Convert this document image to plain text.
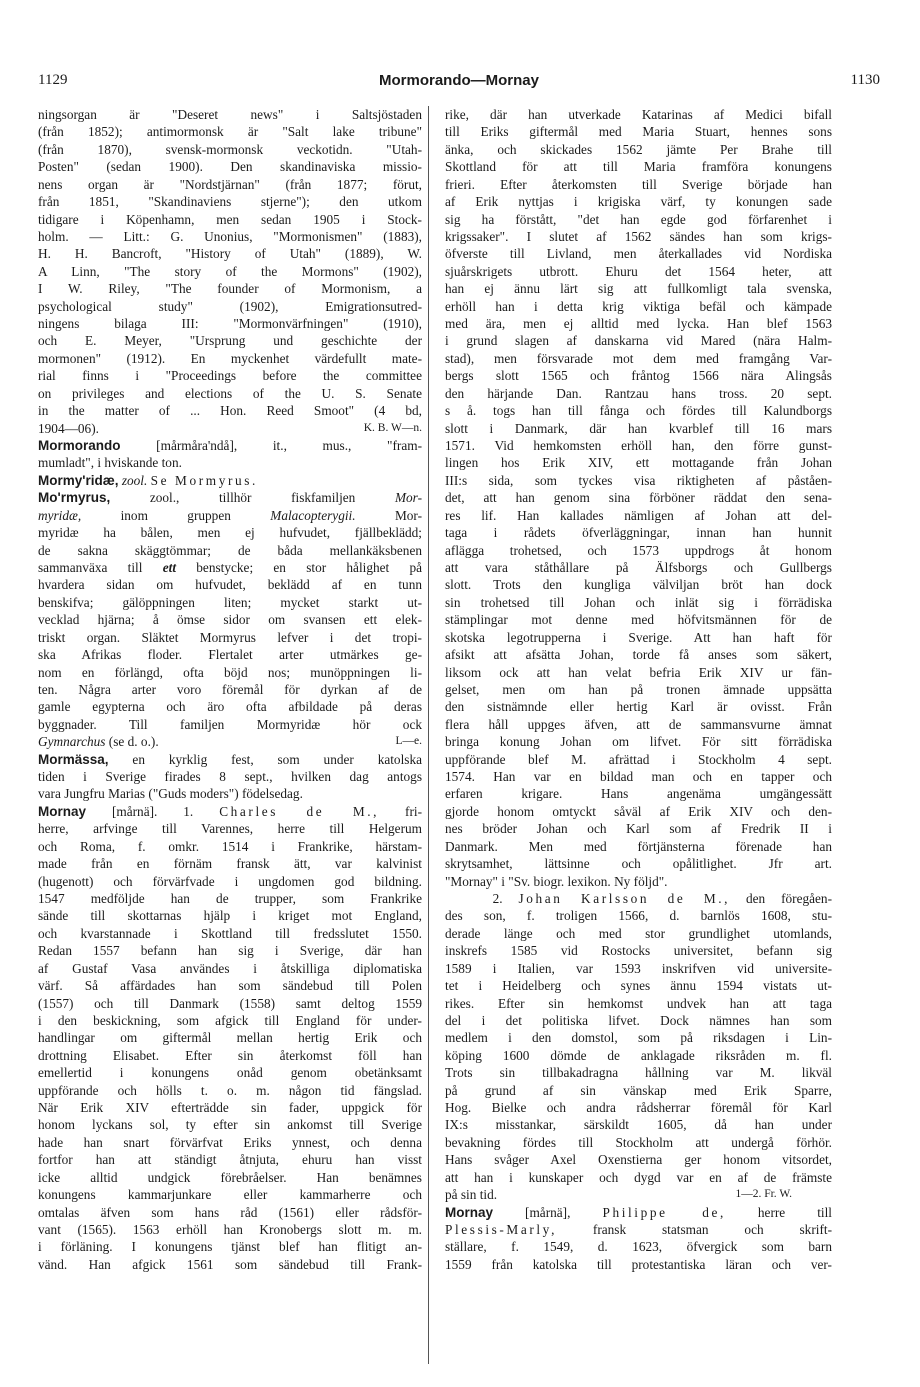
1129	Mormorando—Mornay	1130
ningsorgan är "Deseret news" i Saltsjöstaden
(från 1852); antimormonsk är "Salt lake tribune"
(från 1870), svensk-mormonsk veckotidn. "Utah-
Posten" (sedan 1900). Den skandinaviska missio-
nens organ är "Nordstjärnan" (från 1877; förut,
från 1851, "Skandinaviens stjerne"); den utkom
tidigare i Köpenhamn, men sedan 1905 i Stock-
holm. — Litt.: G. Unonius, "Mormonismen" (1883),
H. H. Bancroft, "History of Utah" (1889), W.
A Linn, "The story of the Mormons" (1902),
I W. Riley, "The founder of Mormonism, a
psychological study" (1902), Emigrationsutred-
ningens bilaga III: "Mormonvärfningen" (1910),
och E. Meyer, "Ursprung und geschichte der
mormonen" (1912). En myckenhet värdefullt mate-
rial finns i "Proceedings before the committee
on privileges and elections of the U. S. Senate
in the matter of ... Hon. Reed Smoot" (4 bd,
1904—06).	K. B. W—n.
Mormorando	[mårmåra'ndå], it., mus., "fram-
mumladt", i hviskande ton.
Mormy'ridæ, zool. Se Mormyrus.
Mo'rmyrus,	zool., tillhör fiskfamiljen	Mor-
myridæ,	inom gruppen	Malacopterygii.	Mor-
myridæ ha bålen, men ej hufvudet, fjällbeklädd;
de sakna skäggtömmar; de båda mellankäksbenen
sammanväxa till ett benstycke; en stor hålighet på
hvardera sidan om hufvudet, beklädd af en tunn
benskifva; gälöppningen liten; mycket starkt ut-
vecklad hjärna; å ömse sidor om svansen ett elek-
triskt organ. Släktet Mormyrus lefver i det tropi-
ska Afrikas floder. Flertalet arter utmärkes ge-
nom en förlängd, ofta böjd nos; munöppningen li-
ten. Några arter voro föremål för dyrkan af de
gamle egypterna och äro ofta afbildade på deras
byggnader. Till familjen Mormyridæ hör ock
Gymnarchus (se d. o.).	L—e.
Mormässa, en kyrklig fest, som under katolska
tiden i Sverige firades 8 sept., hvilken dag antogs
vara Jungfru Marias ("Guds moders") födelsedag.
Mornay [mårnä]. 1. Charles de M., fri-
herre, arfvinge till Varennes, herre till Helgerum
och Roma, f. omkr. 1514 i Frankrike, härstam-
made från en förnäm fransk ätt, var kalvinist
(hugenott) och förvärfvade i ungdomen god bildning.
1547 medföljde han de trupper, som Frankrike
sände till skottarnas hjälp i kriget mot England,
och kvarstannade i Skottland till fredsslutet 1550.
Redan 1557 befann han sig i Sverige, där han
af Gustaf Vasa användes i åtskilliga diplomatiska
värf. Så affärdades han som sändebud till Polen
(1557) och till Danmark (1558) samt deltog 1559
i den beskickning, som afgick till England för under-
handlingar om giftermål mellan hertig Erik och
drottning Elisabet. Efter sin återkomst föll han
emellertid i konungens onåd genom obetänksamt
uppförande och hölls t. o. m. någon tid fängslad.
När Erik XIV efterträdde sin fader, uppgick för
honom lyckans sol, ty efter sin ankomst till Sverige
hade han snart förvärfvat Eriks ynnest, och denna
fortfor han att ständigt åtnjuta, ehuru han visst
icke alltid undgick förebråelser. Han benämnes
konungens kammarjunkare eller kammarherre och
omtalas äfven som hans råd (1561) eller rådsför-
vant (1565). 1563 erhöll han Kronobergs slott m. m.
i förläning. I konungens tjänst blef han flitigt an-
vänd. Han afgick 1561 som sändebud till Frank-
rike, där han utverkade Katarinas af Medici bifall
till Eriks giftermål med Maria Stuart, hennes sons
änka, och skickades 1562 jämte Per Brahe till
Skottland för att till Maria framföra konungens
frieri. Efter återkomsten till Sverige började han
af Erik nyttjas i krigiska värf, ty konungen sade
sig ha förstått, "det han egde god förfarenhet i
krigssaker". I slutet af 1562 sändes han som krigs-
öfverste till Livland, men återkallades vid Nordiska
sjuårskrigets utbrott. Ehuru det 1564 heter, att
han ej ännu lärt sig att fullkomligt tala svenska,
erhöll han i detta krig viktiga befäl och kämpade
med ära, men ej alltid med lycka. Han blef 1563
i grund slagen af danskarna vid Mared (nära Halm-
stad), men försvarade mot dem med framgång Var-
bergs slott 1565 och fråntog 1566 nära Alingsås
den härjande Dan. Rantzau hans tross. 20 sept.
s å. togs han till fånga och fördes till Kalundborgs
slott i Danmark, där han kvarblef till 16 mars
1571. Vid hemkomsten erhöll han, den förre gunst-
lingen hos Erik XIV, ett mottagande från Johan
III:s sida, som tyckes visa riktigheten af påståen-
det, att han genom sina förböner räddat den sena-
res lif. Han kallades nämligen af Johan att del-
taga i rådets öfverläggningar, innan han hunnit
aflägga trohetsed, och 1573 uppdrogs åt honom
att vara ståthållare på Älfsborgs och Gullbergs
slott. Trots den kungliga välviljan bröt han dock
sin trohetsed till Johan och inlät sig i förrädiska
stämplingar mot denne med höfvitsmännen för de
skotska legotrupperna i Sverige. Att han haft för
afsikt att afsätta Johan, torde få anses som säkert,
liksom ock att han velat befria Erik XIV ur fän-
gelset, men om han på tronen ämnade uppsätta
den sistnämnde eller hertig Karl är ovisst. Från
flera håll uppges äfven, att de sammansvurne ämnat
bringa konung Johan om lifvet. För sitt förrädiska
uppförande blef M. afrättad i Stockholm 4 sept.
1574. Han var en bildad man och en tapper och
erfaren krigare. Hans angenäma umgängessätt
gjorde honom omtyckt såväl af Erik XIV och den-
nes bröder Johan och Karl som af Fredrik II i
Danmark. Men med förtjänsterna förenade han
skrytsamhet, lättsinne och opålitlighet. Jfr art.
"Mornay" i "Sv. biogr. lexikon. Ny följd".
2. Johan Karlsson de M., den föregåen-
des son, f. troligen 1566, d. barnlös 1608, stu-
derade länge och med stor grundlighet utomlands,
inskrefs 1585 vid Rostocks universitet, befann sig
1589 i Italien, var 1593 inskrifven vid universite-
tet i Heidelberg och synes ännu 1594 vistats ut-
rikes. Efter sin hemkomst undvek han att taga
del i det politiska lifvet. Dock nämnes han som
medlem i den domstol, som på riksdagen i Lin-
köping 1600 dömde de anklagade riksråden m. fl.
Trots sin tillbakadragna hållning var M. likväl
på grund af sin vänskap med Erik Sparre,
Hog. Bielke och andra rådsherrar föremål för Karl
IX:s misstankar, särskildt 1605, då han under
bevakning fördes till Stockholm att undergå förhör.
Hans svåger Axel Oxenstierna ger honom vitsordet,
att han i kunskaper och dygd var en af de främste
på sin tid.	1—2. Fr. W.
Mornay [mårnä], Philippe de, herre till
Plessis-Marly,	fransk statsman och skrift-
ställare, f. 1549, d. 1623, öfvergick som barn
1559 från katolska till protestantiska läran och ver-
